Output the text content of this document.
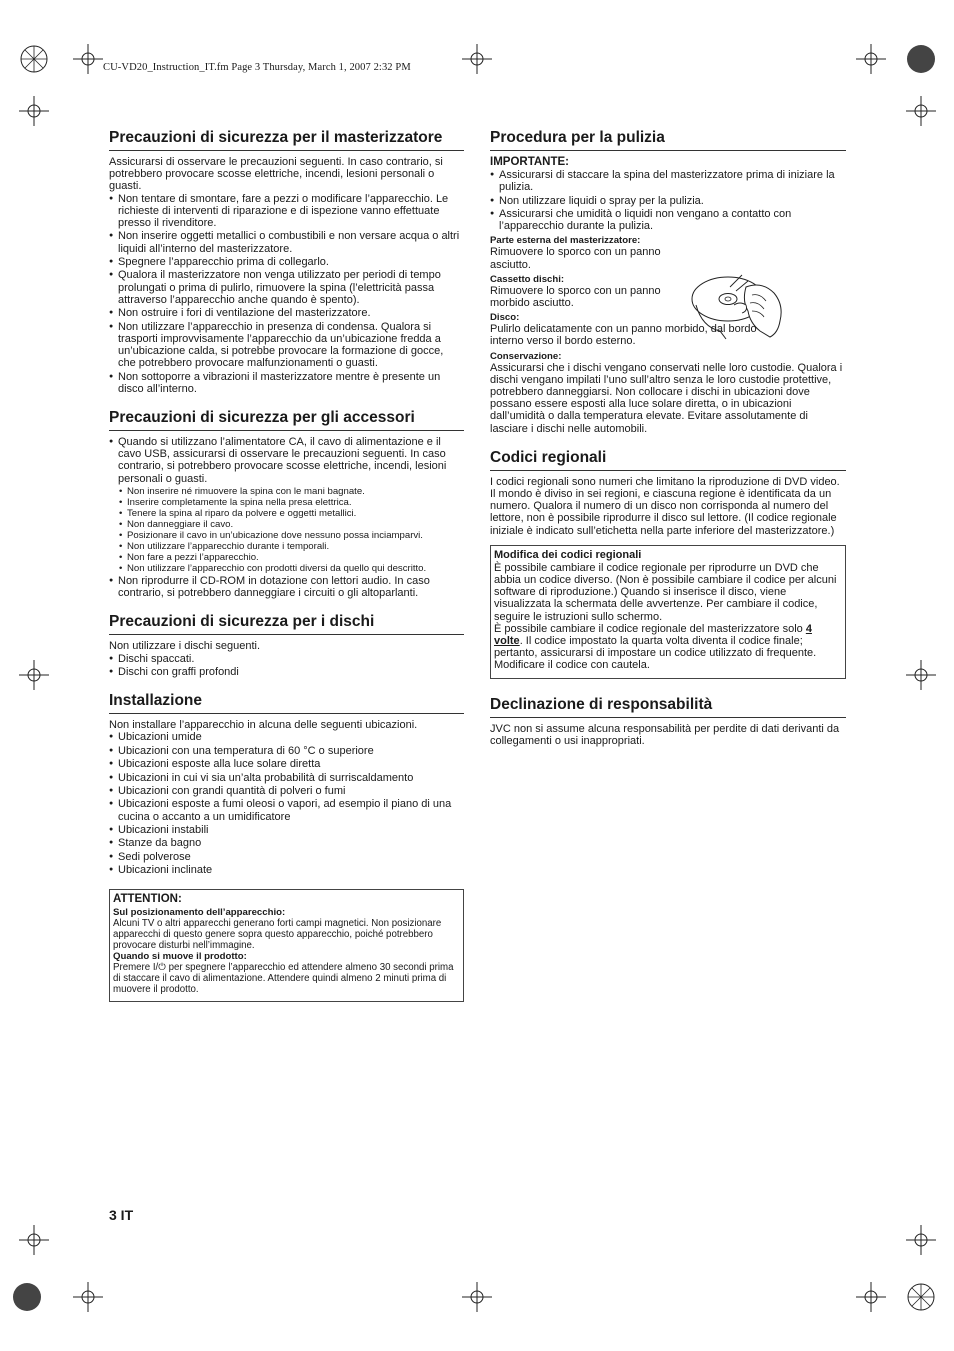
CU-VD20_Instruction_IT.fm Page 3 Thursday, March 1, 2007 2:32 PM
Precauzioni di sicurezza per il masterizzatore

Assicurarsi di osservare le precauzioni seguenti. In caso contrario, si potrebbero provocare scosse elettriche, incendi, lesioni personali o guasti.

● Non tentare di smontare, fare a pezzi o modificare l’apparecchio. Le richieste di interventi di riparazione e di ispezione vanno effettuate presso il rivenditore.
● Non inserire oggetti metallici o combustibili e non versare acqua o altri liquidi all’interno del masterizzatore.
● Spegnere l’apparecchio prima di collegarlo.
● Qualora il masterizzatore non venga utilizzato per periodi di tempo prolungati o prima di pulirlo, rimuovere la spina (l’elettricità passa attraverso l’apparecchio anche quando è spento).
● Non ostruire i fori di ventilazione del masterizzatore.
● Non utilizzare l’apparecchio in presenza di condensa. Qualora si trasporti improvvisamente l’apparecchio da un’ubicazione fredda a un’ubicazione calda, si potrebbe provocare la formazione di gocce, che potrebbero provocare malfunzionamenti o guasti.
● Non sottoporre a vibrazioni il masterizzatore mentre è presente un disco all’interno.
Precauzioni di sicurezza per gli accessori
● Quando si utilizzano l’alimentatore CA, il cavo di alimentazione e il cavo USB, assicurarsi di osservare le precauzioni seguenti. In caso contrario, si potrebbero provocare scosse elettriche, incendi, lesioni personali o guasti.
• Non inserire né rimuovere la spina con le mani bagnate.
• Inserire completamente la spina nella presa elettrica.
• Tenere la spina al riparo da polvere e oggetti metallici.
• Non danneggiare il cavo.
• Posizionare il cavo in un’ubicazione dove nessuno possa inciamparvi.
• Non utilizzare l’apparecchio durante i temporali.
• Non fare a pezzi l’apparecchio.
• Non utilizzare l’apparecchio con prodotti diversi da quello qui descritto.
● Non riprodurre il CD-ROM in dotazione con lettori audio. In caso contrario, si potrebbero danneggiare i circuiti o gli altoparlanti.
Precauzioni di sicurezza per i dischi

Non utilizzare i dischi seguenti.

● Dischi spaccati.
● Dischi con graffi profondi
Installazione

Non installare l’apparecchio in alcuna delle seguenti ubicazioni.

● Ubicazioni umide
● Ubicazioni con una temperatura di 60 °C o superiore
● Ubicazioni esposte alla luce solare diretta
● Ubicazioni in cui vi sia un’alta probabilità di surriscaldamento
● Ubicazioni con grandi quantità di polveri o fumi
● Ubicazioni esposte a fumi oleosi o vapori, ad esempio il piano di una cucina o accanto a un umidificatore
● Ubicazioni instabili
● Stanze da bagno
● Sedi polverose
● Ubicazioni inclinate
ATTENTION:
Sul posizionamento dell’apparecchio:

Alcuni TV o altri apparecchi generano forti campi magnetici. Non posizionare apparecchi di questo genere sopra questo apparecchio, poiché potrebbero provocare disturbi nell’immagine.

Quando si muove il prodotto:

Premere I/⏻ per spegnere l’apparecchio ed attendere almeno 30 secondi prima di staccare il cavo di alimentazione. Attendere quindi almeno 2 minuti prima di muovere il prodotto.

Procedura per la pulizia
IMPORTANTE:
● Assicurarsi di staccare la spina del masterizzatore prima di iniziare la pulizia.
● Non utilizzare liquidi o spray per la pulizia.
● Assicurarsi che umidità o liquidi non vengano a contatto con l’apparecchio durante la pulizia.
Parte esterna del masterizzatore:

Rimuovere lo sporco con un panno asciutto.

Cassetto dischi:

Rimuovere lo sporco con un panno morbido asciutto.

Disco:

Pulirlo delicatamente con un panno morbido, dal bordo interno verso il bordo esterno.

Conservazione:

Assicurarsi che i dischi vengano conservati nelle loro custodie. Qualora i dischi vengano impilati l’uno sull’altro senza le loro custodie protettive, potrebbero danneggiarsi. Non collocare i dischi in ubicazioni dove possano essere esposti alla luce solare diretta, o in ubicazioni dall’umidità o dalla temperatura elevate. Evitare assolutamente di lasciare i dischi nelle automobili.

Codici regionali

I codici regionali sono numeri che limitano la riproduzione di DVD video. Il mondo è diviso in sei regioni, e ciascuna regione è identificata da un numero. Qualora il numero di un disco non corrisponda al numero del lettore, non è possibile riprodurre il disco sul lettore. (Il codice regionale iniziale è indicato sull’etichetta nella parte inferiore del masterizzatore.)

Modifica dei codici regionali

È possibile cambiare il codice regionale per riprodurre un DVD che abbia un codice diverso. (Non è possibile cambiare il codice per alcuni software di riproduzione.) Quando si inserisce il disco, viene visualizzata la schermata delle avvertenze. Per cambiare il codice, seguire le istruzioni sullo schermo.

È possibile cambiare il codice regionale del masterizzatore solo 4 volte. Il codice impostato la quarta volta diventa il codice finale; pertanto, assicurarsi di impostare un codice utilizzato di frequente. Modificare il codice con cautela.

Declinazione di responsabilità

JVC non si assume alcuna responsabilità per perdite di dati derivanti da collegamenti o usi inappropriati.

3 IT
